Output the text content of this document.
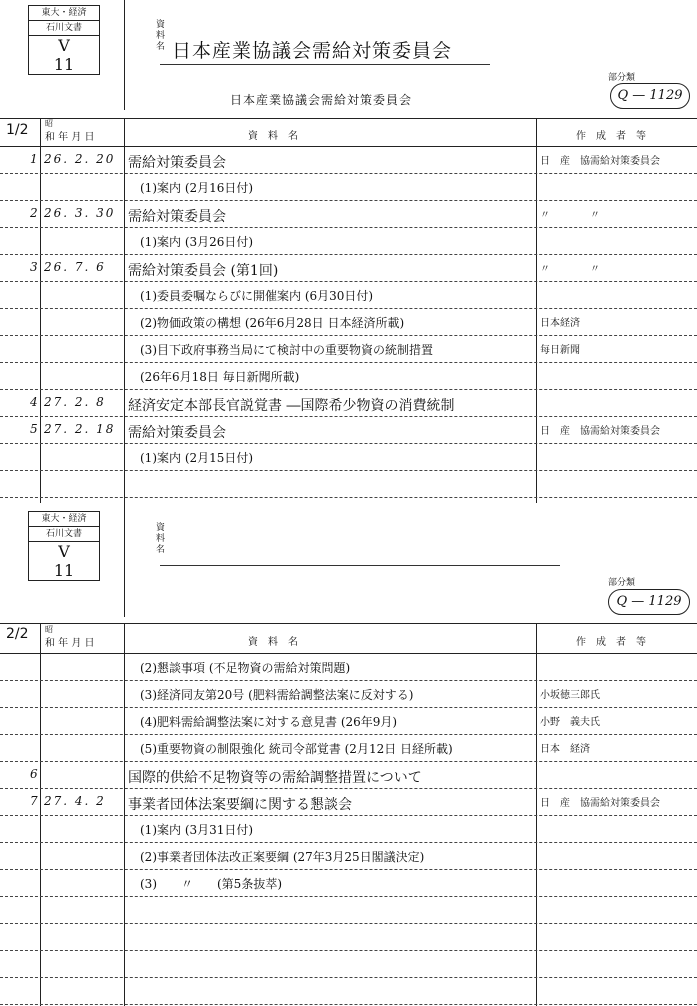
東大・経済
石川文書
V
11
資料名 日本産業協議会需給対策委員会
部分類
Q — 1129
日本産業協議会需給対策委員会
1/2 昭
和 年 月 日	資　料　名	作　成　者　等
1 26. 2. 20 需給対策委員会	日　産　協需給対策委員会
(1)案内 (2月16日付)
2 26. 3. 30 需給対策委員会	〃　　　　〃
(1)案内 (3月26日付)
3 26. 7. 6 需給対策委員会 (第1回)	〃　　　　〃
(1)委員委嘱ならびに開催案内 (6月30日付)
(2)物価政策の構想 (26年6月28日 日本経済所載)	日本経済
(3)目下政府事務当局にて検討中の重要物資の統制措置	每日新聞
(26年6月18日 毎日新聞所載)
4 27. 2. 8 経済安定本部長官説覚書 ―国際希少物資の消費統制
5 27. 2. 18 需給対策委員会	日　産　協需給対策委員会
(1)案内 (2月15日付)
東大・経済
石川文書
V
11
資料名
部分類
Q — 1129
2/2 昭
和 年 月 日	資　料　名	作　成　者　等
(2)懇談事項 (不足物資の需給対策問題)
(3)経済同友第20号 (肥料需給調整法案に反対する)	小坂徳三郎氏
(4)肥料需給調整法案に対する意見書 (26年9月)	小野　義夫氏
(5)重要物資の制限強化 統司令部覚書 (2月12日 日経所載)	日本　経済
6	国際的供給不足物資等の需給調整措置について
7 27. 4. 2 事業者団体法案要綱に関する懇談会	日　産　協需給対策委員会
(1)案内 (3月31日付)
(2)事業者団体法改正案要綱 (27年3月25日閣議決定)
(3)　　〃　　(第5条抜萃)
